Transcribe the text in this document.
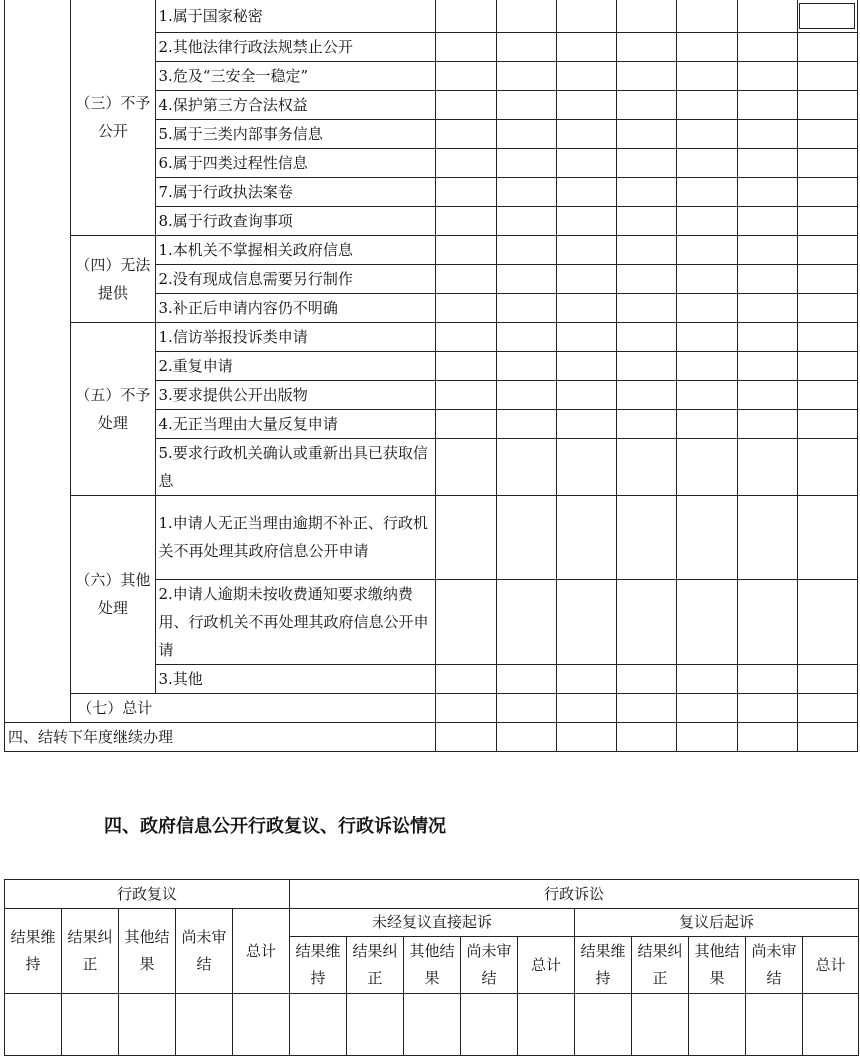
	（三）不予公开	1.属于国家秘密							

		2.其他法律行政法规禁止公开							
		3.危及“三安全一稳定”							
		4.保护第三方合法权益							
		5.属于三类内部事务信息							
		6.属于四类过程性信息							
		7.属于行政执法案卷							
		8.属于行政查询事项							
	（四）无法提供	1.本机关不掌握相关政府信息							
		2.没有现成信息需要另行制作							
		3.补正后申请内容仍不明确							
	（五）不予处理	1.信访举报投诉类申请							
		2.重复申请							
		3.要求提供公开出版物							
		4.无正当理由大量反复申请							
		5.要求行政机关确认或重新出具已获取信息							
	（六）其他处理	1.申请人无正当理由逾期不补正、行政机关不再处理其政府信息公开申请							
		2.申请人逾期未按收费通知要求缴纳费用、行政机关不再处理其政府信息公开申请							
		3.其他							
	（七）总计								
四、结转下年度继续办理									
四、政府信息公开行政复议、行政诉讼情况
行政复议					行政诉讼									
结果维持	结果纠正	其他结果	尚未审结	总计	未经复议直接起诉					复议后起诉				
					结果维持	结果纠正	其他结果	尚未审结	总计	结果维持	结果纠正	其他结果	尚未审结	总计
